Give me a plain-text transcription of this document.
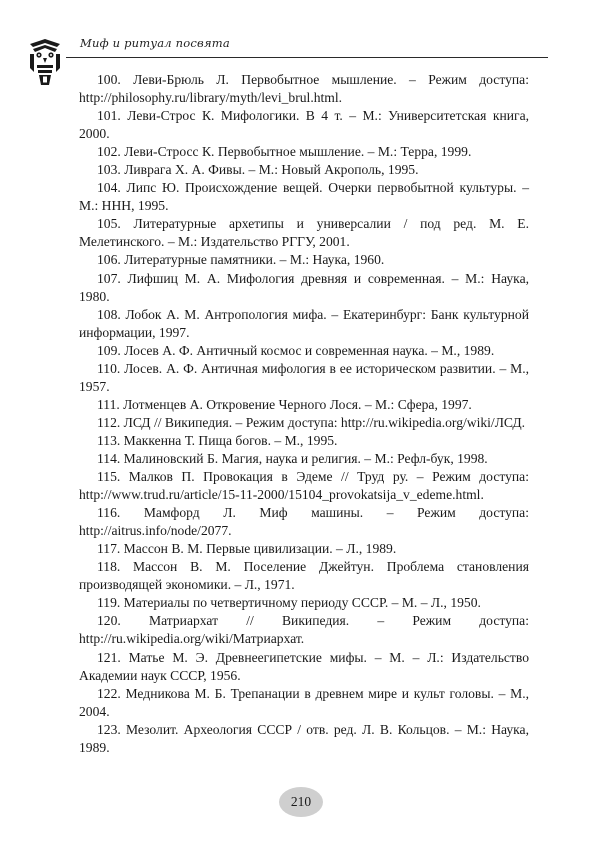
Миф и ритуал посвята

100. Леви-Брюль Л. Первобытное мышление. – Режим доступа: http://philosophy.ru/library/myth/levi_brul.html.

101. Леви-Строс К. Мифологики. В 4 т. – М.: Университетская книга, 2000.

102. Леви-Стросс К. Первобытное мышление. – М.: Терра, 1999.

103. Ливрага Х. А. Фивы. – М.: Новый Акрополь, 1995.

104. Липс Ю. Происхождение вещей. Очерки первобытной культуры. – М.: ННН, 1995.

105. Литературные архетипы и универсалии / под ред. М. Е. Мелетинского. – М.: Издательство РГГУ, 2001.

106. Литературные памятники. – М.: Наука, 1960.

107. Лифшиц М. А. Мифология древняя и современная. – М.: Наука, 1980.

108. Лобок А. М. Антропология мифа. – Екатеринбург: Банк культурной информации, 1997.

109. Лосев А. Ф. Античный космос и современная наука. – М., 1989.

110. Лосев. А. Ф. Античная мифология в ее историческом развитии. – М., 1957.

111. Лотменцев А. Откровение Черного Лося. – М.: Сфера, 1997.

112. ЛСД // Википедия. – Режим доступа: http://ru.wikipedia.org/wiki/ЛСД.

113. Маккенна Т. Пища богов. – М., 1995.

114. Малиновский Б. Магия, наука и религия. – М.: Рефл-бук, 1998.

115. Малков П. Провокация в Эдеме // Труд ру. – Режим доступа: http://www.trud.ru/article/15-11-2000/15104_provokatsija_v_edeme.html.

116. Мамфорд Л. Миф машины. – Режим доступа: http://aitrus.info/node/2077.

117. Массон В. М. Первые цивилизации. – Л., 1989.

118. Массон В. М. Поселение Джейтун. Проблема становления производящей экономики. – Л., 1971.

119. Материалы по четвертичному периоду СССР. – М. – Л., 1950.

120. Матриархат // Википедия. – Режим доступа: http://ru.wikipedia.org/wiki/Матриархат.

121. Матье М. Э. Древнеегипетские мифы. – М. – Л.: Издательство Академии наук СССР, 1956.

122. Медникова М. Б. Трепанации в древнем мире и культ головы. – М., 2004.

123. Мезолит. Археология СССР / отв. ред. Л. В. Кольцов. – М.: Наука, 1989.

210
